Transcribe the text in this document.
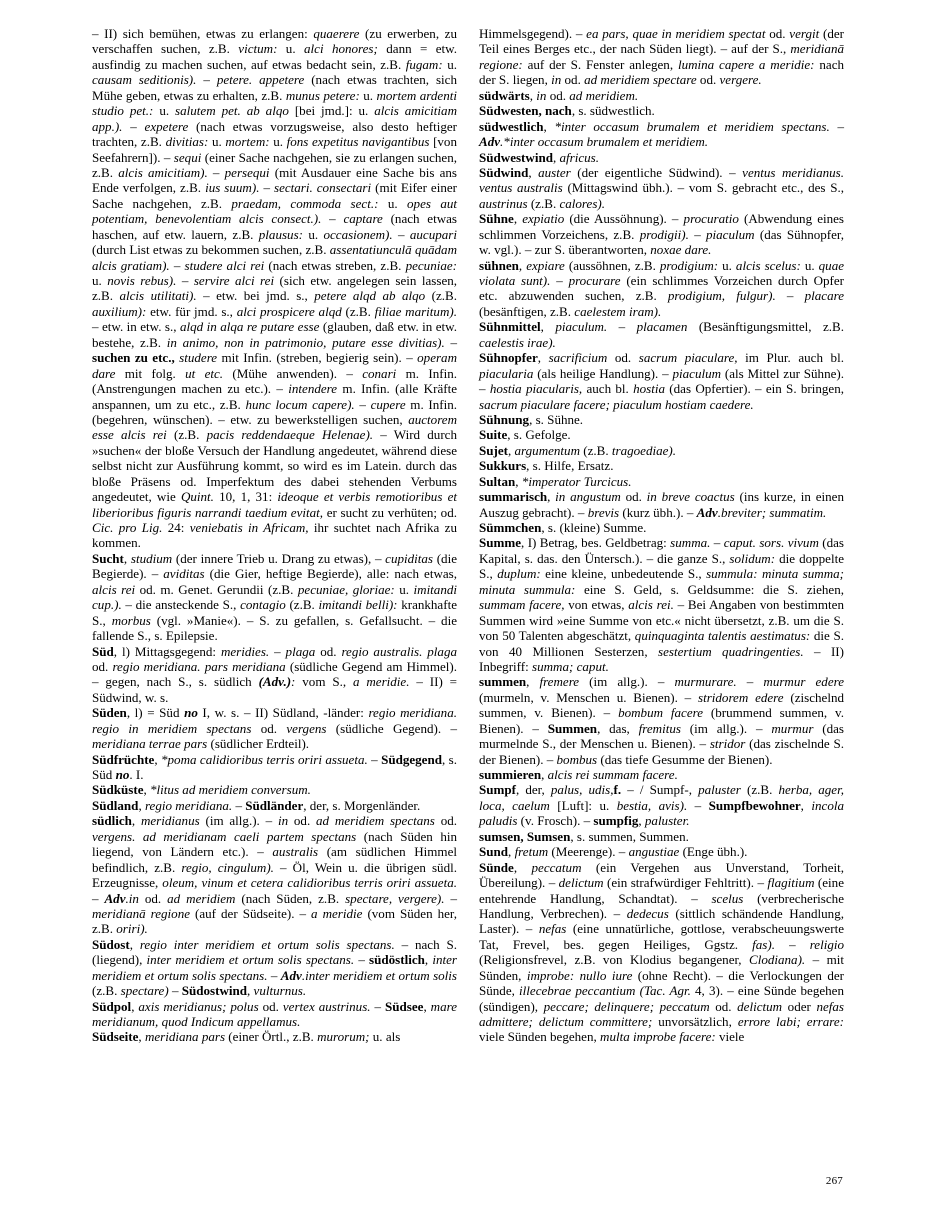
– II) sich bemühen, etwas zu erlangen: quaerere (zu erwerben, zu verschaffen suchen, z.B. victum: u. alci honores; dann = etw. ausfindig zu machen suchen, auf etwas bedacht sein, z.B. fugam: u. causam seditionis). – petere. appetere (nach etwas trachten, sich Mühe geben, etwas zu erhalten, z.B. munus petere: u. mortem ardenti studio pet.: u. salutem pet. ab alqo [bei jmd.]: u. alcis amicitiam app.). – expetere (nach etwas vorzugsweise, also desto heftiger trachten, z.B. divitias: u. mortem: u. fons expetitus navigantibus [von Seefahrern]). – sequi (einer Sache nachgehen, sie zu erlangen suchen, z.B. alcis amicitiam). – persequi (mit Ausdauer eine Sache bis ans Ende verfolgen, z.B. ius suum). – sectari. consectari (mit Eifer einer Sache nachgehen, z.B. praedam, commoda sect.: u. opes aut potentiam, benevolentiam alcis consect.). – captare (nach etwas haschen, auf etw. lauern, z.B. plausus: u. occasionem). – aucupari (durch List etwas zu bekommen suchen, z.B. assentatiunculā quādam alcis gratiam). – studere alci rei (nach etwas streben, z.B. pecuniae: u. novis rebus). – servire alci rei (sich etw. angelegen sein lassen, z.B. alcis utilitati). – etw. bei jmd. s., petere alqd ab alqo (z.B. auxilium): etw. für jmd. s., alci prospicere alqd (z.B. filiae maritum). – etw. in etw. s., alqd in alqa re putare esse (glauben, daß etw. in etw. bestehe, z.B. in animo, non in patrimonio, putare esse divitias). – suchen zu etc., studere mit Infin. (streben, begierig sein). – operam dare mit folg. ut etc. (Mühe anwenden). – conari m. Infin. (Anstrengungen machen zu etc.). – intendere m. Infin. (alle Kräfte anspannen, um zu etc., z.B. hunc locum capere). – cupere m. Infin. (begehren, wünschen). – etw. zu bewerkstelligen suchen, auctorem esse alcis rei (z.B. pacis reddendaeque Helenae). – Wird durch »suchen« der bloße Versuch der Handlung angedeutet, während diese selbst nicht zur Ausführung kommt, so wird es im Latein. durch das bloße Präsens od. Imperfektum des dabei stehenden Verbums angedeutet, wie Quint. 10, 1, 31: ideoque et verbis remotioribus et liberioribus figuris narrandi taedium evitat, er sucht zu verhüten; od. Cic. pro Lig. 24: veniebatis in Africam, ihr suchtet nach Afrika zu kommen.

Sucht, studium (der innere Trieb u. Drang zu etwas), – cupiditas (die Begierde). – aviditas (die Gier, heftige Begierde), alle: nach etwas, alcis rei od. m. Genet. Gerundii (z.B. pecuniae, gloriae: u. imitandi cup.). – die ansteckende S., contagio (z.B. imitandi belli): krankhafte S., morbus (vgl. »Manie«). – S. zu gefallen, s. Gefallsucht. – die fallende S., s. Epilepsie.

Süd, l) Mittagsgegend: meridies. – plaga od. regio australis. plaga od. regio meridiana. pars meridiana (südliche Gegend am Himmel). – gegen, nach S., s. südlich (Adv.): vom S., a meridie. – II) = Südwind, w. s.

Süden, l) = Süd no I, w. s. – II) Südland, -länder: regio meridiana. regio in meridiem spectans od. vergens (südliche Gegend). – meridiana terrae pars (südlicher Erdteil).

Südfrüchte, *poma calidioribus terris oriri assueta. – Südgegend, s. Süd no. I.

Südküste, *litus ad meridiem conversum.

Südland, regio meridiana. – Südländer, der, s. Morgenländer.

südlich, meridianus (im allg.). – in od. ad meridiem spectans od. vergens. ad meridianam caeli partem spectans (nach Süden hin liegend, von Ländern etc.). – australis (am südlichen Himmel befindlich, z.B. regio, cingulum). – Öl, Wein u. die übrigen südl. Erzeugnisse, oleum, vinum et cetera calidioribus terris oriri assueta. – Adv.in od. ad meridiem (nach Süden, z.B. spectare, vergere). – meridianā regione (auf der Südseite). – a meridie (vom Süden her, z.B. oriri).

Südost, regio inter meridiem et ortum solis spectans. – nach S. (liegend), inter meridiem et ortum solis spectans. – südöstlich, inter meridiem et ortum solis spectans. – Adv.inter meridiem et ortum solis (z.B. spectare) – Südostwind, vulturnus.

Südpol, axis meridianus; polus od. vertex austrinus. – Südsee, mare meridianum, quod Indicum appellamus.

Südseite, meridiana pars (einer Örtl., z.B. murorum; u. als

Himmelsgegend). – ea pars, quae in meridiem spectat od. vergit (der Teil eines Berges etc., der nach Süden liegt). – auf der S., meridianā regione: auf der S. Fenster anlegen, lumina capere a meridie: nach der S. liegen, in od. ad meridiem spectare od. vergere.

südwärts, in od. ad meridiem.

Südwesten, nach, s. südwestlich.

südwestlich, *inter occasum brumalem et meridiem spectans. – Adv.*inter occasum brumalem et meridiem.

Südwestwind, africus.

Südwind, auster (der eigentliche Südwind). – ventus meridianus. ventus australis (Mittagswind übh.). – vom S. gebracht etc., des S., austrinus (z.B. calores).

Sühne, expiatio (die Aussöhnung). – procuratio (Abwendung eines schlimmen Vorzeichens, z.B. prodigii). – piaculum (das Sühnopfer, w. vgl.). – zur S. überantworten, noxae dare.

sühnen, expiare (aussöhnen, z.B. prodigium: u. alcis scelus: u. quae violata sunt). – procurare (ein schlimmes Vorzeichen durch Opfer etc. abzuwenden suchen, z.B. prodigium, fulgur). – placare (besänftigen, z.B. caelestem iram).

Sühnmittel, piaculum. – placamen (Besänftigungsmittel, z.B. caelestis irae).

Sühnopfer, sacrificium od. sacrum piaculare, im Plur. auch bl. piacularia (als heilige Handlung). – piaculum (als Mittel zur Sühne). – hostia piacularis, auch bl. hostia (das Opfertier). – ein S. bringen, sacrum piaculare facere; piaculum hostiam caedere.

Sühnung, s. Sühne.

Suite, s. Gefolge.

Sujet, argumentum (z.B. tragoediae).

Sukkurs, s. Hilfe, Ersatz.

Sultan, *imperator Turcicus.

summarisch, in angustum od. in breve coactus (ins kurze, in einen Auszug gebracht). – brevis (kurz übh.). – Adv.breviter; summatim.

Sümmchen, s. (kleine) Summe.

Summe, I) Betrag, bes. Geldbetrag: summa. – caput. sors. vivum (das Kapital, s. das. den Üntersch.). – die ganze S., solidum: die doppelte S., duplum: eine kleine, unbedeutende S., summula: minuta summa; minuta summula: eine S. Geld, s. Geldsumme: die S. ziehen, summam facere, von etwas, alcis rei. – Bei Angaben von bestimmten Summen wird »eine Summe von etc.« nicht übersetzt, z.B. um die S. von 50 Talenten abgeschätzt, quinquaginta talentis aestimatus: die S. von 40 Millionen Sesterzen, sestertium quadringenties. – II) Inbegriff: summa; caput.

summen, fremere (im allg.). – murmurare. – murmur edere (murmeln, v. Menschen u. Bienen). – stridorem edere (zischelnd summen, v. Bienen). – bombum facere (brummend summen, v. Bienen). – Summen, das, fremitus (im allg.). – murmur (das murmelnde S., der Menschen u. Bienen). – stridor (das zischelnde S. der Bienen). – bombus (das tiefe Gesumme der Bienen).

summieren, alcis rei summam facere.

Sumpf, der, palus, udis,f. – / Sumpf-, paluster (z.B. herba, ager, loca, caelum [Luft]: u. bestia, avis). – Sumpfbewohner, incola paludis (v. Frosch). – sumpfig, paluster.

sumsen, Sumsen, s. summen, Summen.

Sund, fretum (Meerenge). – angustiae (Enge übh.).

Sünde, peccatum (ein Vergehen aus Unverstand, Torheit, Übereilung). – delictum (ein strafwürdiger Fehltritt). – flagitium (eine entehrende Handlung, Schandtat). – scelus (verbrecherische Handlung, Verbrechen). – dedecus (sittlich schändende Handlung, Laster). – nefas (eine unnatürliche, gottlose, verabscheuungswerte Tat, Frevel, bes. gegen Heiliges, Ggstz. fas). – religio (Religionsfrevel, z.B. von Klodius begangener, Clodiana). – mit Sünden, improbe: nullo iure (ohne Recht). – die Verlockungen der Sünde, illecebrae peccantium (Tac. Agr. 4, 3). – eine Sünde begehen (sündigen), peccare; delinquere; peccatum od. delictum oder nefas admittere; delictum committere; unvorsätzlich, errore labi; errare: viele Sünden begehen, multa improbe facere: viele

267
